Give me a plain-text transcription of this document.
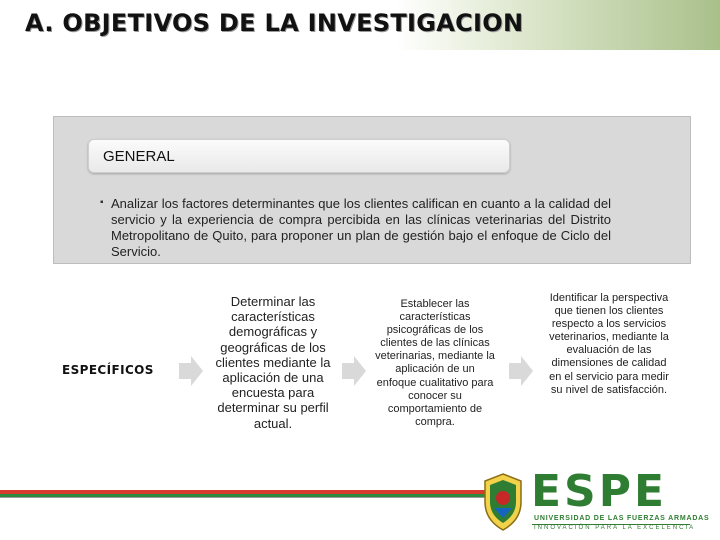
A. OBJETIVOS DE LA INVESTIGACION
GENERAL
▪ Analizar los factores determinantes que los clientes califican en cuanto a la calidad del servicio y la experiencia de compra percibida en las clínicas veterinarias del Distrito Metropolitano de Quito, para proponer un plan de gestión bajo el enfoque de Ciclo del Servicio.
ESPECÍFICOS
Determinar las características demográficas y geográficas de los clientes mediante la aplicación de una encuesta para determinar su perfil actual.
Establecer las características psicográficas de los clientes de las clínicas veterinarias, mediante la aplicación de un enfoque cualitativo para conocer su comportamiento de compra.
Identificar la perspectiva que tienen los clientes respecto a los servicios veterinarios, mediante la evaluación de las dimensiones de calidad en el servicio para medir su nivel de satisfacción.
ESPE
UNIVERSIDAD DE LAS FUERZAS ARMADAS
INNOVACIÓN PARA LA EXCELENCIA
